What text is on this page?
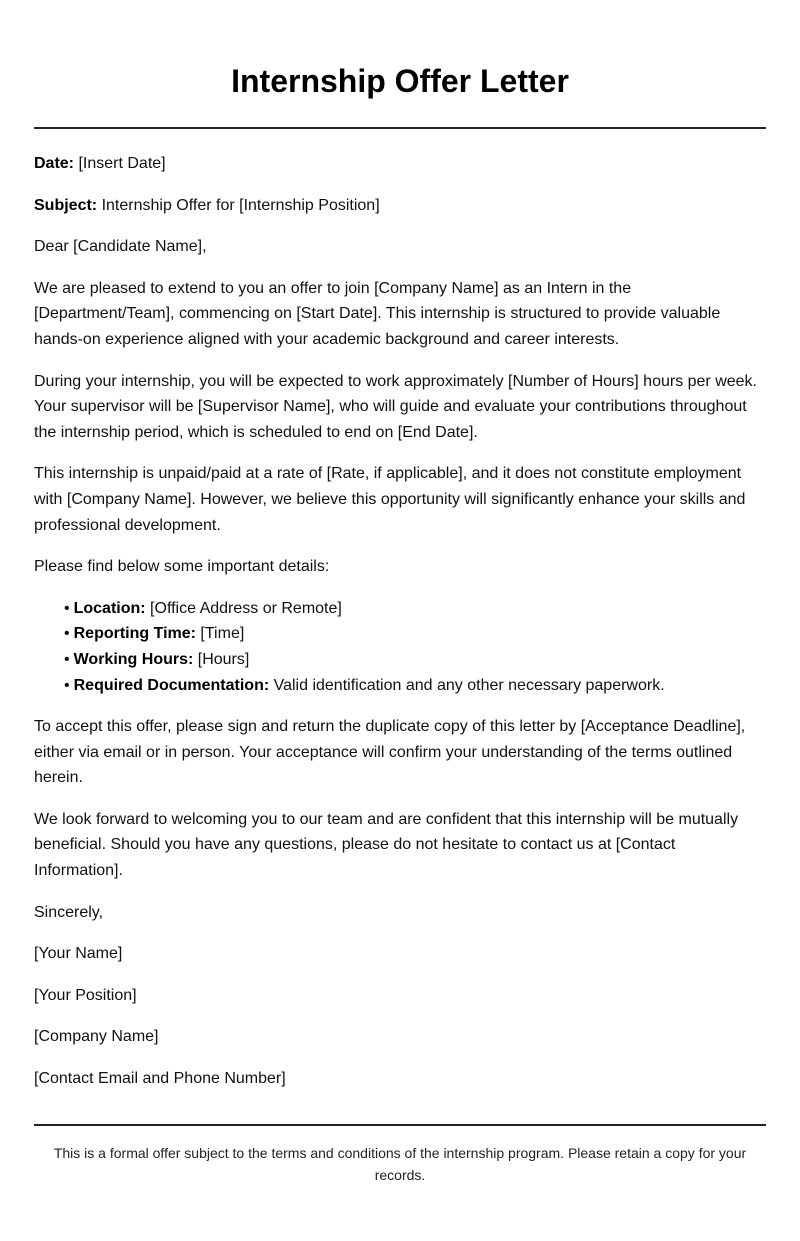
Internship Offer Letter

Date: [Insert Date]

Subject: Internship Offer for [Internship Position]

Dear [Candidate Name],

We are pleased to extend to you an offer to join [Company Name] as an Intern in the [Department/Team], commencing on [Start Date]. This internship is structured to provide valuable hands-on experience aligned with your academic background and career interests.

During your internship, you will be expected to work approximately [Number of Hours] hours per week. Your supervisor will be [Supervisor Name], who will guide and evaluate your contributions throughout the internship period, which is scheduled to end on [End Date].

This internship is unpaid/paid at a rate of [Rate, if applicable], and it does not constitute employment with [Company Name]. However, we believe this opportunity will significantly enhance your skills and professional development.

Please find below some important details:

• Location: [Office Address or Remote]
• Reporting Time: [Time]
• Working Hours: [Hours]
• Required Documentation: Valid identification and any other necessary paperwork.

To accept this offer, please sign and return the duplicate copy of this letter by [Acceptance Deadline], either via email or in person. Your acceptance will confirm your understanding of the terms outlined herein.

We look forward to welcoming you to our team and are confident that this internship will be mutually beneficial. Should you have any questions, please do not hesitate to contact us at [Contact Information].

Sincerely,

[Your Name]

[Your Position]

[Company Name]

[Contact Email and Phone Number]

This is a formal offer subject to the terms and conditions of the internship program. Please retain a copy for your records.
